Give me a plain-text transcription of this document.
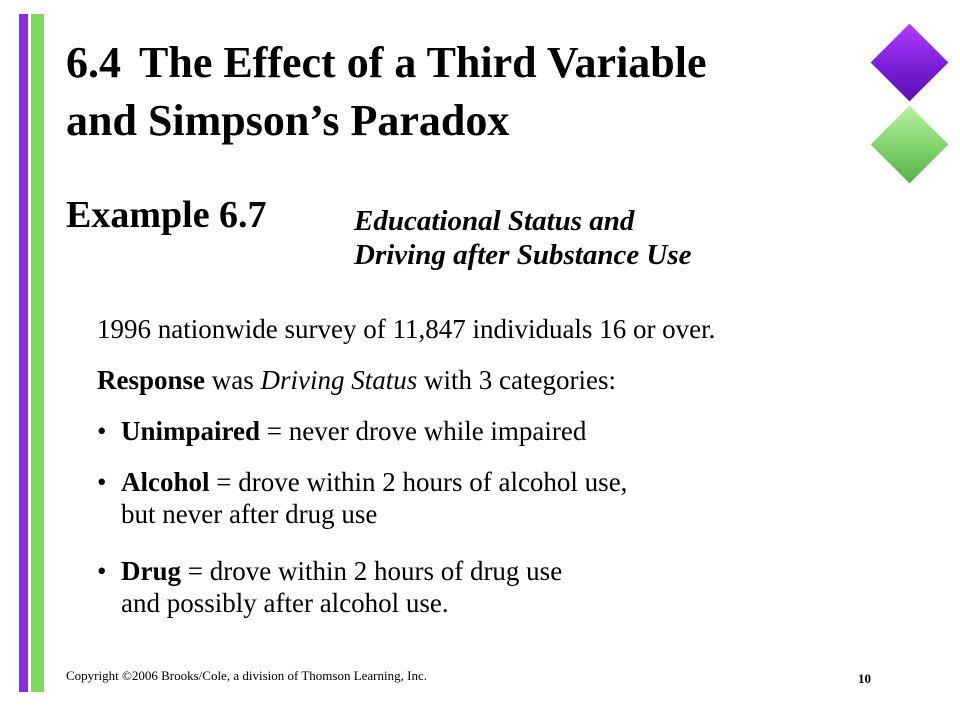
6.4 The Effect of a Third Variable
and Simpson’s Paradox
Example 6.7	Educational Status and
Driving after Substance Use
1996 nationwide survey of 11,847 individuals 16 or over.
Response was Driving Status with 3 categories:
• Unimpaired = never drove while impaired
• Alcohol = drove within 2 hours of alcohol use,
but never after drug use
• Drug = drove within 2 hours of drug use
and possibly after alcohol use.
Copyright ©2006 Brooks/Cole, a division of Thomson Learning, Inc.	10
